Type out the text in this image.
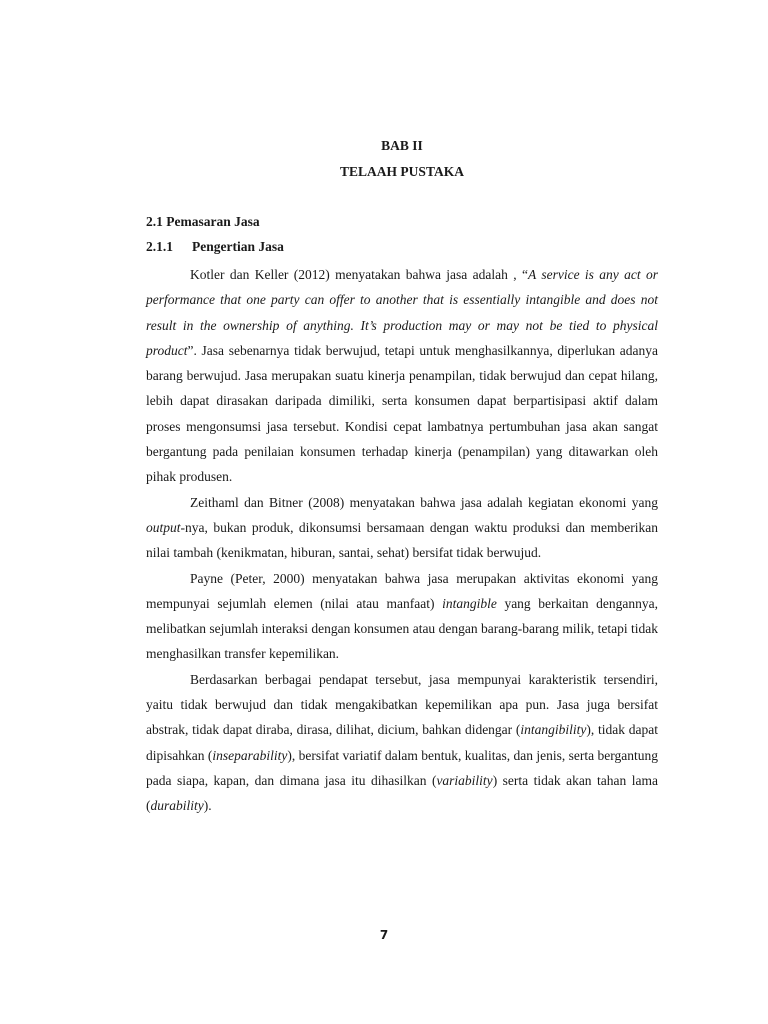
BAB II
TELAAH PUSTAKA
2.1 Pemasaran Jasa
2.1.1 Pengertian Jasa

Kotler dan Keller (2012) menyatakan bahwa jasa adalah , “A service is any act or performance that one party can offer to another that is essentially intangible and does not result in the ownership of anything. It’s production may or may not be tied to physical product”. Jasa sebenarnya tidak berwujud, tetapi untuk menghasilkannya, diperlukan adanya barang berwujud. Jasa merupakan suatu kinerja penampilan, tidak berwujud dan cepat hilang, lebih dapat dirasakan daripada dimiliki, serta konsumen dapat berpartisipasi aktif dalam proses mengonsumsi jasa tersebut. Kondisi cepat lambatnya pertumbuhan jasa akan sangat bergantung pada penilaian konsumen terhadap kinerja (penampilan) yang ditawarkan oleh pihak produsen.

Zeithaml dan Bitner (2008) menyatakan bahwa jasa adalah kegiatan ekonomi yang output-nya, bukan produk, dikonsumsi bersamaan dengan waktu produksi dan memberikan nilai tambah (kenikmatan, hiburan, santai, sehat) bersifat tidak berwujud.

Payne (Peter, 2000) menyatakan bahwa jasa merupakan aktivitas ekonomi yang mempunyai sejumlah elemen (nilai atau manfaat) intangible yang berkaitan dengannya, melibatkan sejumlah interaksi dengan konsumen atau dengan barang-barang milik, tetapi tidak menghasilkan transfer kepemilikan.

Berdasarkan berbagai pendapat tersebut, jasa mempunyai karakteristik tersendiri, yaitu tidak berwujud dan tidak mengakibatkan kepemilikan apa pun. Jasa juga bersifat abstrak, tidak dapat diraba, dirasa, dilihat, dicium, bahkan didengar (intangibility), tidak dapat dipisahkan (inseparability), bersifat variatif dalam bentuk, kualitas, dan jenis, serta bergantung pada siapa, kapan, dan dimana jasa itu dihasilkan (variability) serta tidak akan tahan lama (durability).

7
